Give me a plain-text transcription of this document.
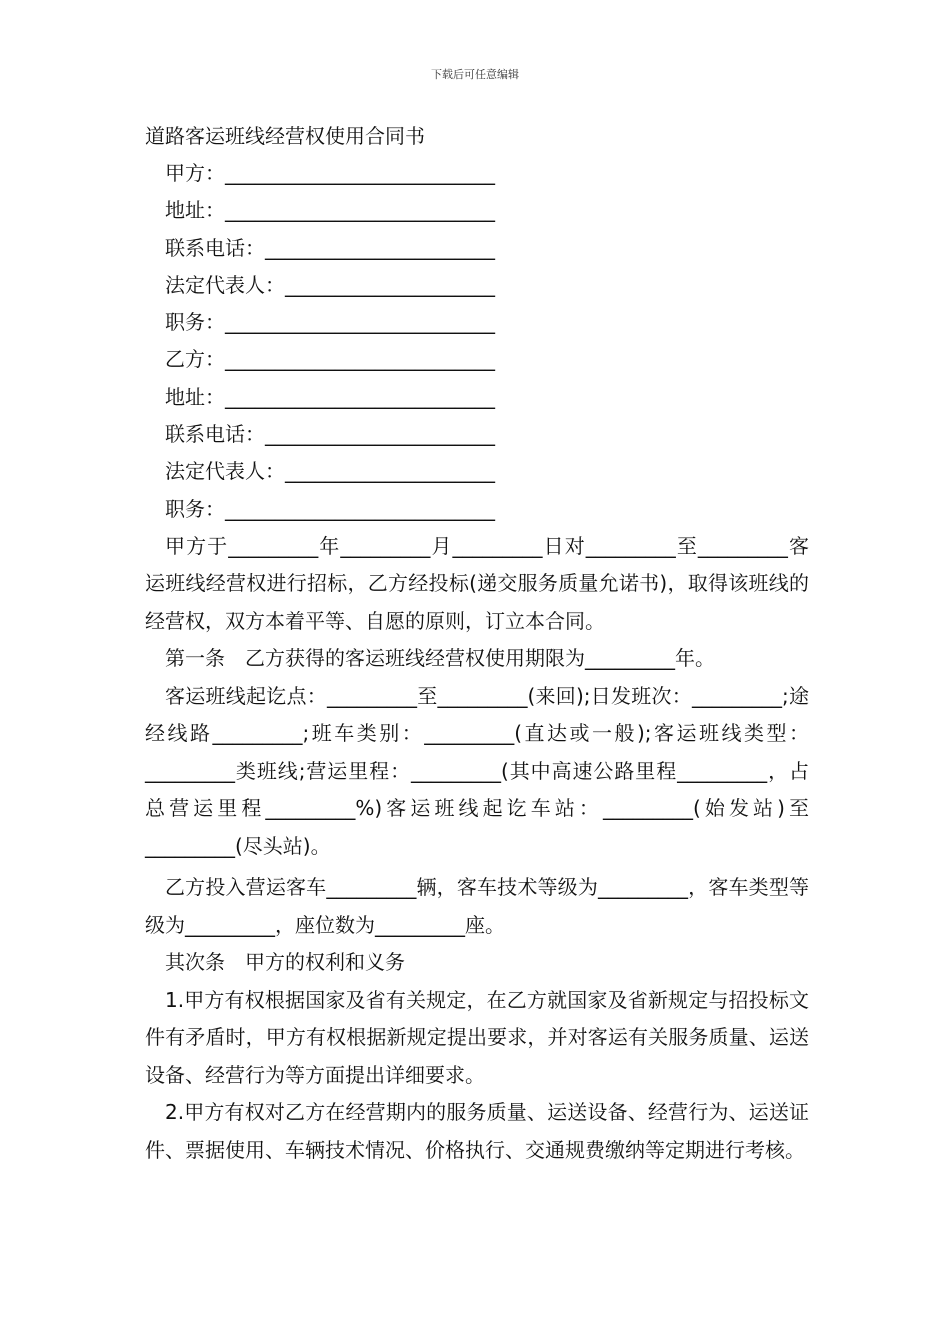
下载后可任意编辑
道路客运班线经营权使用合同书
甲方：___________________________
地址：___________________________
联系电话：_______________________
法定代表人：_____________________
职务：___________________________
乙方：___________________________
地址：___________________________
联系电话：_______________________
法定代表人：_____________________
职务：___________________________

甲方于_________年_________月_________日对_________至_________客运班线经营权进行招标，乙方经投标(递交服务质量允诺书)，取得该班线的经营权，双方本着平等、自愿的原则，订立本合同。

第一条　乙方获得的客运班线经营权使用期限为_________年。

客运班线起讫点：_________至_________(来回);日发班次：_________;途经线路_________;班车类别：_________(直达或一般);客运班线类型：_________类班线;营运里程：_________(其中高速公路里程_________，占总营运里程_________%)客运班线起讫车站：_________(始发站)至_________(尽头站)。

乙方投入营运客车_________辆，客车技术等级为_________，客车类型等级为_________，座位数为_________座。

其次条　甲方的权利和义务

1.甲方有权根据国家及省有关规定，在乙方就国家及省新规定与招投标文件有矛盾时，甲方有权根据新规定提出要求，并对客运有关服务质量、运送设备、经营行为等方面提出详细要求。

2.甲方有权对乙方在经营期内的服务质量、运送设备、经营行为、运送证件、票据使用、车辆技术情况、价格执行、交通规费缴纳等定期进行考核。
